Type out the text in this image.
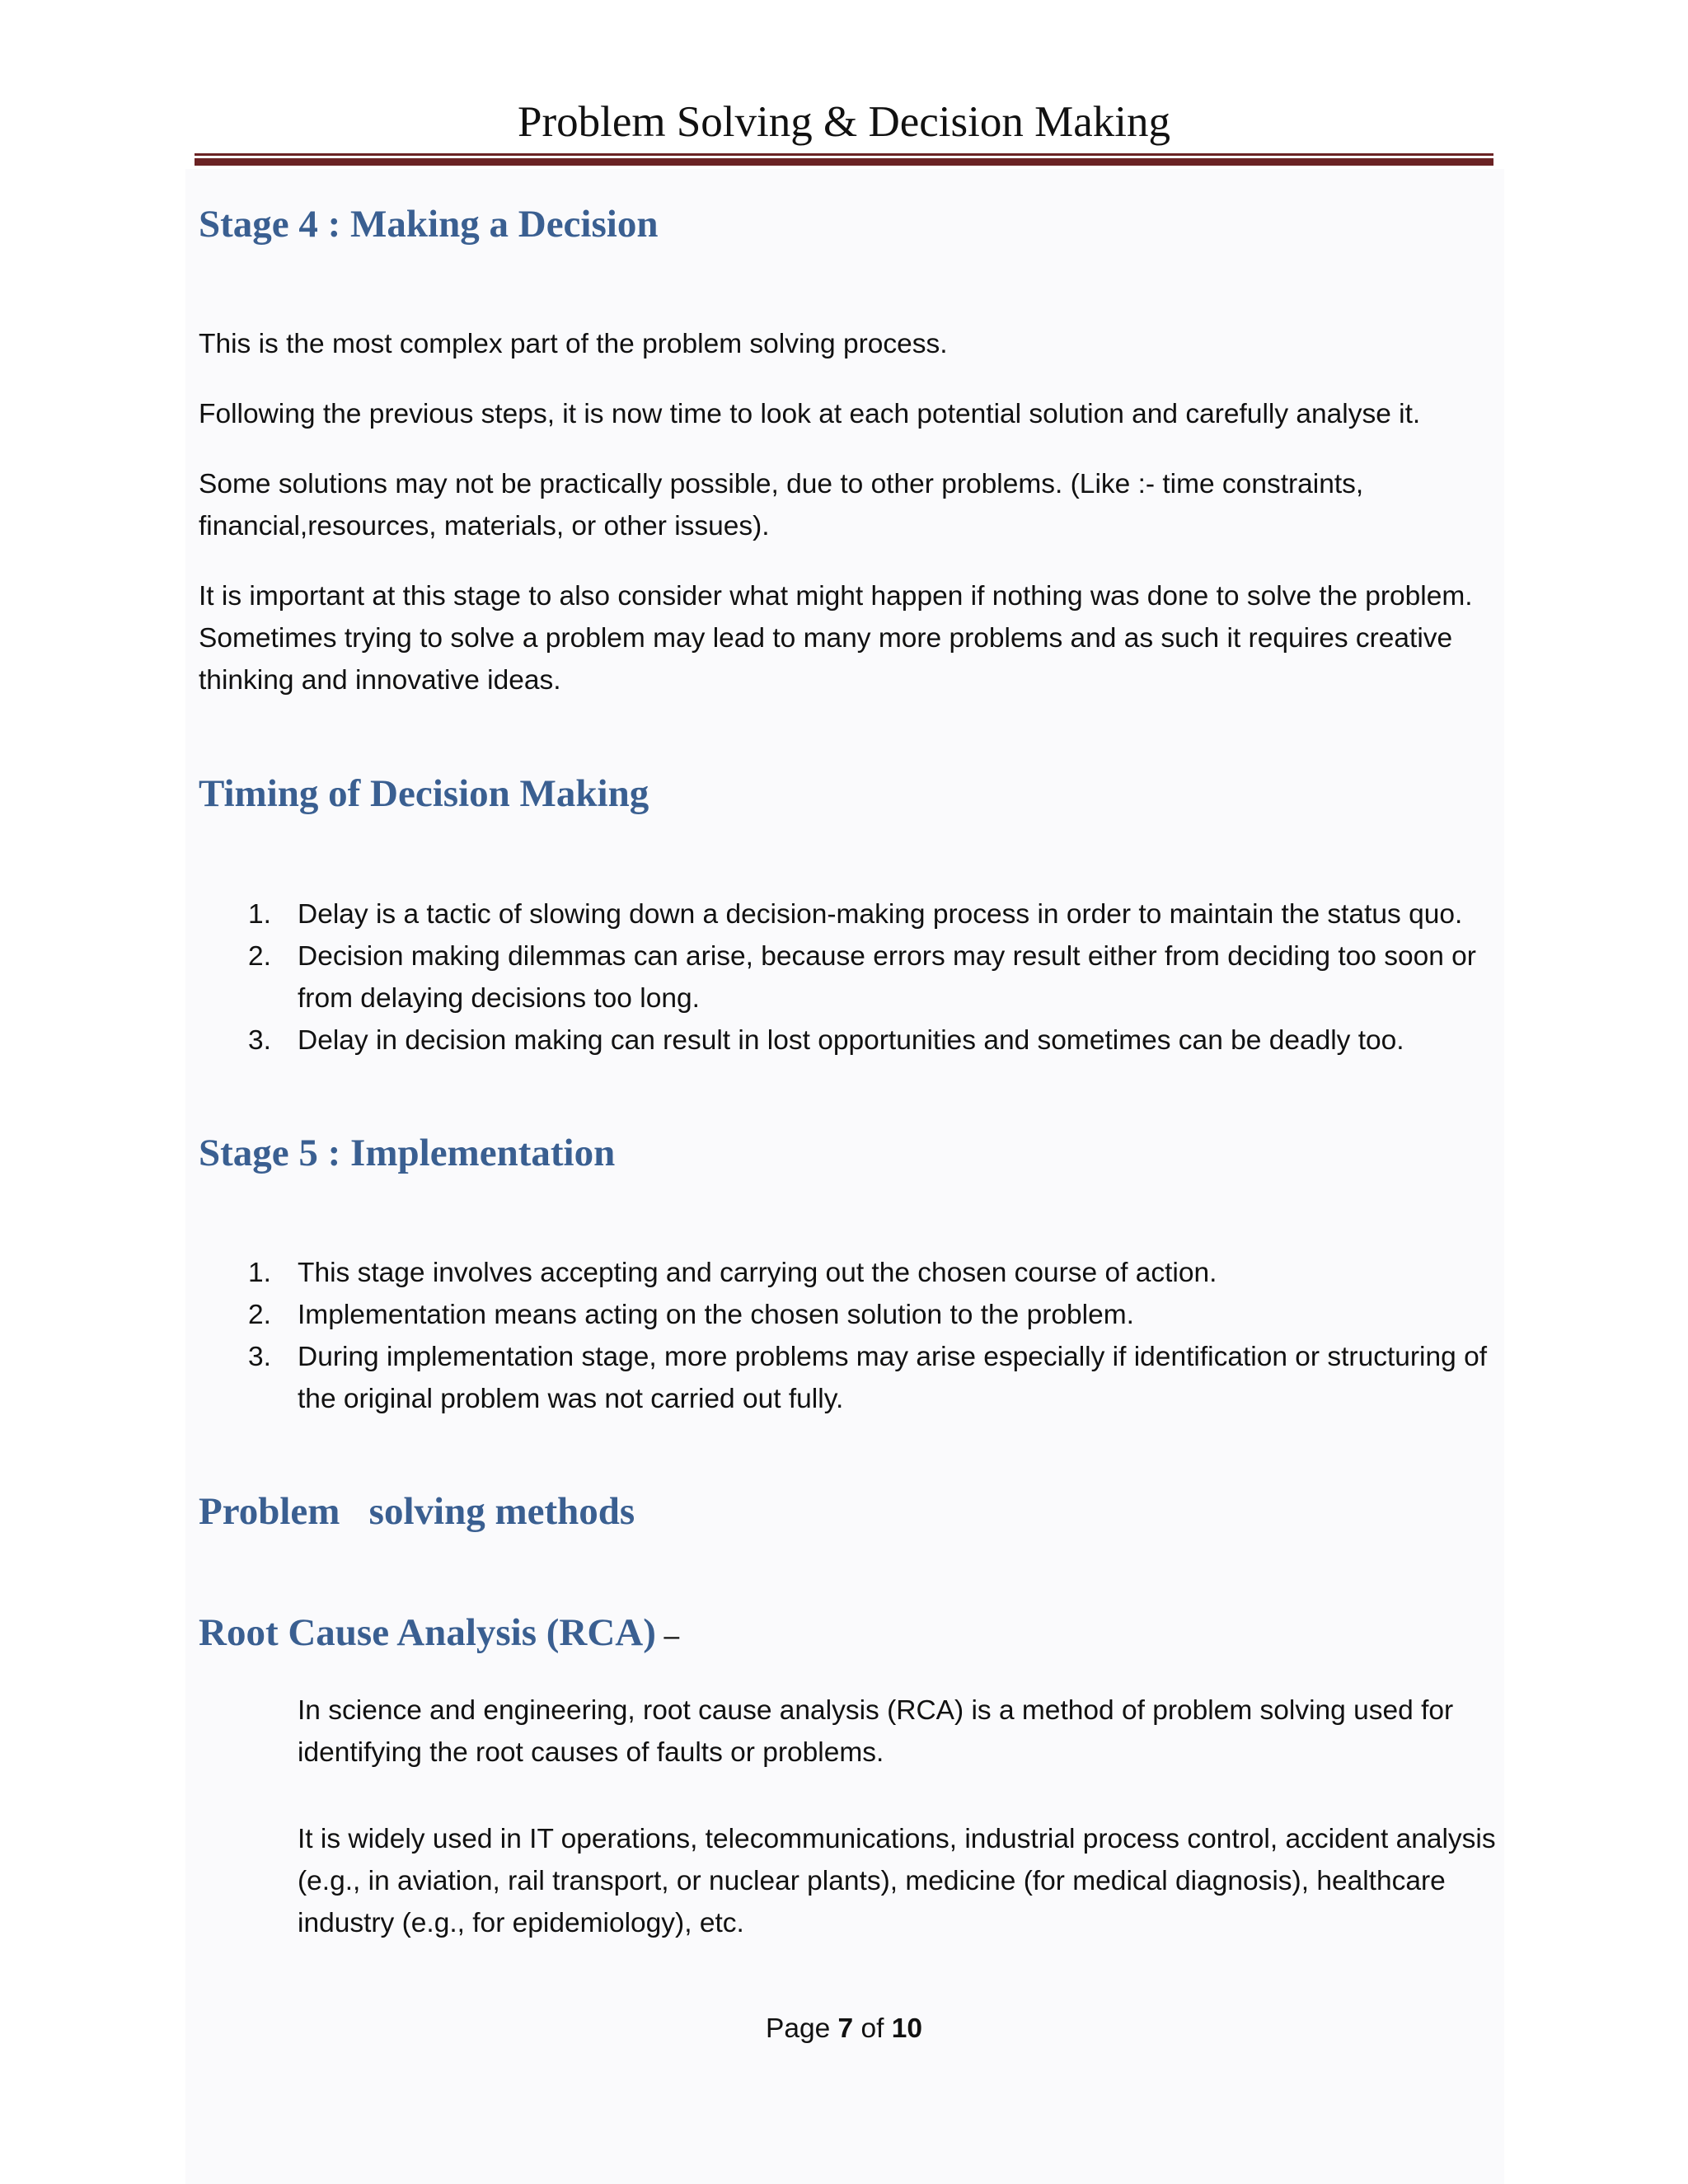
Problem Solving & Decision Making
Stage 4 : Making a Decision

This is the most complex part of the problem solving process.

Following the previous steps, it is now time to look at each potential solution and carefully analyse it.

Some solutions may not be practically possible, due to other problems. (Like :- time constraints, financial,resources, materials, or other issues).

It is important at this stage to also consider what might happen if nothing was done to solve the problem. Sometimes trying to solve a problem may lead to many more problems and as such it requires creative thinking and innovative ideas.

Timing of Decision Making
1. Delay is a tactic of slowing down a decision-making process in order to maintain the status quo.
2. Decision making dilemmas can arise, because errors may result either from deciding too soon or from delaying decisions too long.
3. Delay in decision making can result in lost opportunities and sometimes can be deadly too.
Stage 5 : Implementation
1. This stage involves accepting and carrying out the chosen course of action.
2. Implementation means acting on the chosen solution to the problem.
3. During implementation stage, more problems may arise especially if identification or structuring of the original problem was not carried out fully.
Problem   solving methods
Root Cause Analysis (RCA) –

In science and engineering, root cause analysis (RCA) is a method of problem solving used for identifying the root causes of faults or problems.

It is widely used in IT operations, telecommunications, industrial process control, accident analysis (e.g., in aviation, rail transport, or nuclear plants), medicine (for medical diagnosis), healthcare industry (e.g., for epidemiology), etc.

Page 7 of 10
